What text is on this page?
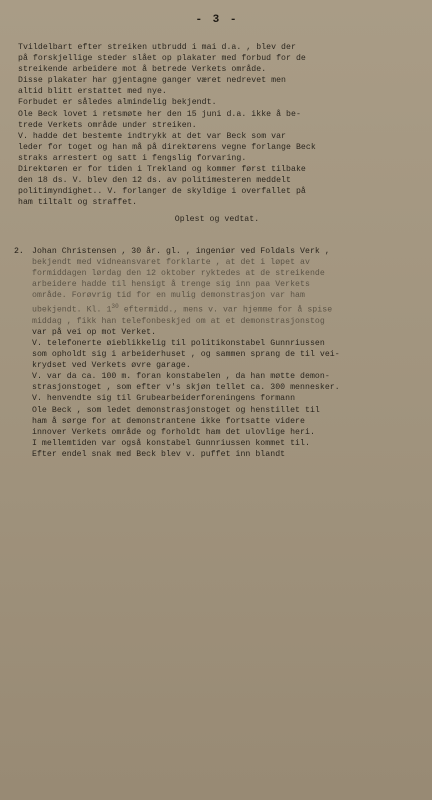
- 3 -

Tvildelbart efter streiken utbrudd i mai d.a. , blev der

på forskjellige steder slået op plakater med forbud for de

streikende arbeidere mot å betrede Verkets område.

Disse plakater har gjentagne ganger været nedrevet men

altid blitt erstattet med nye.

Forbudet er således almindelig bekjendt.

Ole Beck lovet i retsmøte her den 15 juni d.a. ikke å be-

trede Verkets område under streiken.

V. hadde det bestemte indtrykk at det var Beck som var

leder for toget og han må på direktørens vegne forlange Beck

straks arrestert og satt i fengslig forvaring.

Direktøren er for tiden i Trekland og kommer først tilbake

den 18 ds. V. blev den 12 ds. av politimesteren meddelt

politimyndighet.. V. forlanger de skyldige i overfallet på

ham tiltalt og straffet.

Oplest og vedtat.

2. Johan Christensen , 30 år. gl. , ingeniør ved Foldals Verk ,

bekjendt med vidneansvaret forklarte , at det i løpet av

formiddagen lørdag den 12 oktober ryktedes at de streikende

arbeidere hadde til hensigt å trenge sig inn paa Verkets

område. Forøvrig tid for en mulig demonstrasjon var ham

ubekjendt. Kl. $1^{30}$ eftermidd., mens v. var hjemme for å spise

middag , fikk han telefonbeskjed om at et demonstrasjonstog

var på vei op mot Verket.

V. telefonerte øieblikkelig til politikonstabel Gunnriussen

som opholdt sig i arbeiderhuset , og sammen sprang de til vei-

krydset ved Verkets øvre garage.

V. var da ca. 100 m. foran konstabelen , da han møtte demon-

strasjonstoget , som efter v's skjøn tellet ca. 300 mennesker.

V. henvendte sig til Grubearbeiderforeningens formann

Ole Beck , som ledet demonstrasjonstoget og henstillet til

ham å sørge for at demonstrantene ikke fortsatte videre

innover Verkets område og forholdt ham det ulovlige heri.

I mellemtiden var også konstabel Gunnriussen kommet til.

Efter endel snak med Beck blev v. puffet inn blandt
